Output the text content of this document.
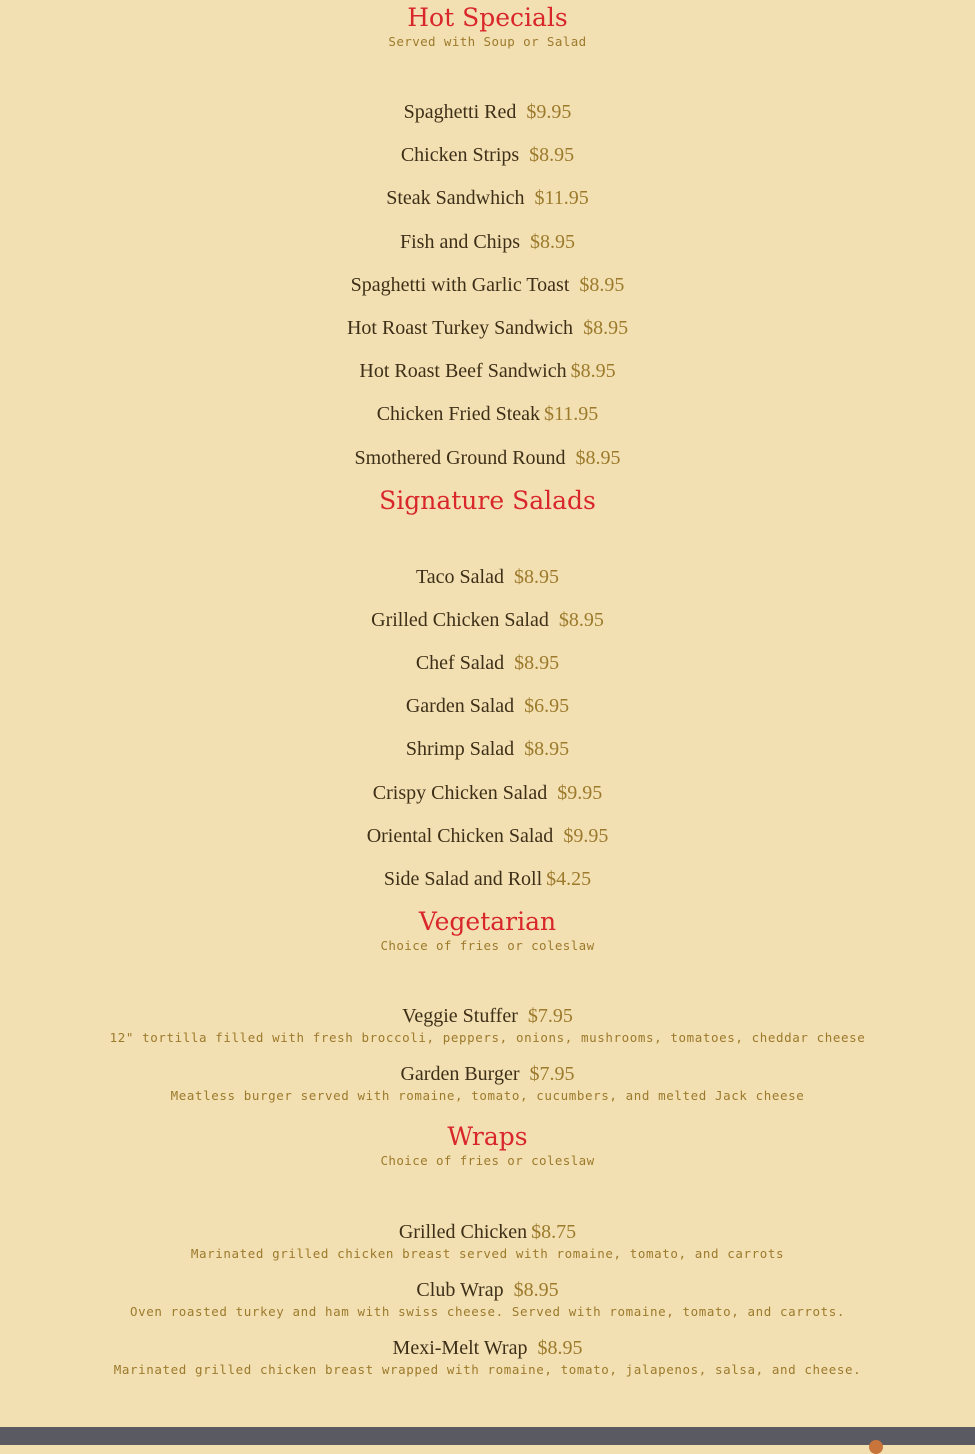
Hot Specials

Served with Soup or Salad

Spaghetti Red $9.95
Chicken Strips $8.95
Steak Sandwhich $11.95
Fish and Chips $8.95
Spaghetti with Garlic Toast $8.95
Hot Roast Turkey Sandwich $8.95
Hot Roast Beef Sandwich $8.95
Chicken Fried Steak $11.95
Smothered Ground Round $8.95
Signature Salads
Taco Salad $8.95
Grilled Chicken Salad $8.95
Chef Salad $8.95
Garden Salad $6.95
Shrimp Salad $8.95
Crispy Chicken Salad $9.95
Oriental Chicken Salad $9.95
Side Salad and Roll $4.25
Vegetarian

Choice of fries or coleslaw

Veggie Stuffer $7.95

12" tortilla filled with fresh broccoli, peppers, onions, mushrooms, tomatoes, cheddar cheese

Garden Burger $7.95

Meatless burger served with romaine, tomato, cucumbers, and melted Jack cheese

Wraps

Choice of fries or coleslaw

Grilled Chicken $8.75

Marinated grilled chicken breast served with romaine, tomato, and carrots

Club Wrap $8.95

Oven roasted turkey and ham with swiss cheese. Served with romaine, tomato, and carrots.

Mexi-Melt Wrap $8.95

Marinated grilled chicken breast wrapped with romaine, tomato, jalapenos, salsa, and cheese.
